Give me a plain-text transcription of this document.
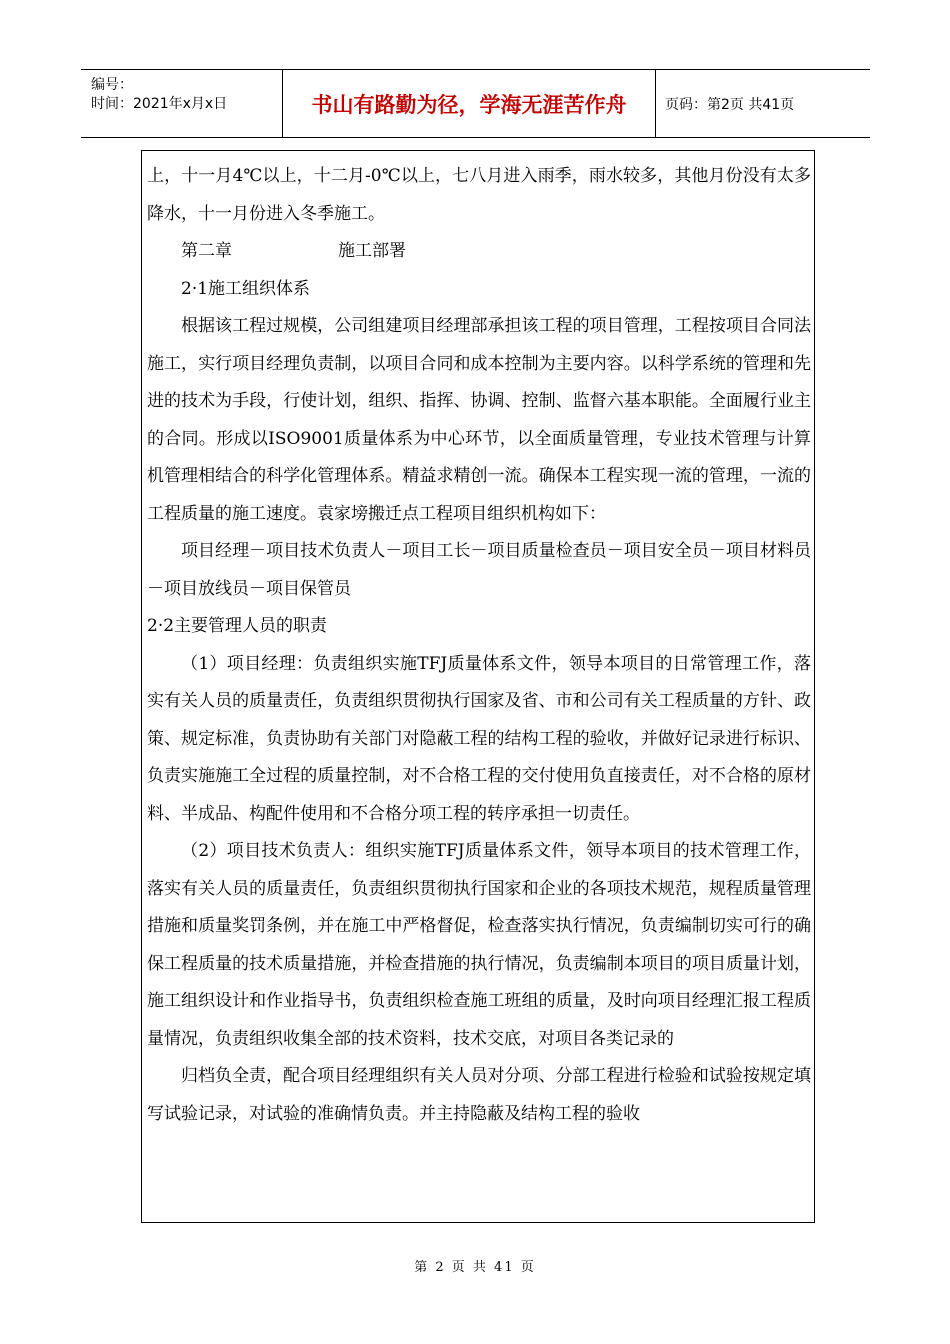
编号：
时间：2021年x月x日	书山有路勤为径，学海无涯苦作舟	页码：第2页 共41页

上，十一月4℃以上，十二月-0℃以上，七八月进入雨季，雨水较多，其他月份没有太多降水，十一月份进入冬季施工。

第二章	施工部署

2·1施工组织体系

根据该工程过规模，公司组建项目经理部承担该工程的项目管理，工程按项目合同法施工，实行项目经理负责制，以项目合同和成本控制为主要内容。以科学系统的管理和先进的技术为手段，行使计划，组织、指挥、协调、控制、监督六基本职能。全面履行业主的合同。形成以ISO9001质量体系为中心环节，以全面质量管理，专业技术管理与计算机管理相结合的科学化管理体系。精益求精创一流。确保本工程实现一流的管理，一流的工程质量的施工速度。袁家塝搬迁点工程项目组织机构如下：

项目经理－项目技术负责人－项目工长－项目质量检查员－项目安全员－项目材料员－项目放线员－项目保管员

2·2主要管理人员的职责

（1）项目经理：负责组织实施TFJ质量体系文件，领导本项目的日常管理工作，落实有关人员的质量责任，负责组织贯彻执行国家及省、市和公司有关工程质量的方针、政策、规定标准，负责协助有关部门对隐蔽工程的结构工程的验收，并做好记录进行标识、负责实施施工全过程的质量控制，对不合格工程的交付使用负直接责任，对不合格的原材料、半成品、构配件使用和不合格分项工程的转序承担一切责任。

（2）项目技术负责人：组织实施TFJ质量体系文件，领导本项目的技术管理工作，落实有关人员的质量责任，负责组织贯彻执行国家和企业的各项技术规范，规程质量管理措施和质量奖罚条例，并在施工中严格督促，检查落实执行情况，负责编制切实可行的确保工程质量的技术质量措施，并检查措施的执行情况，负责编制本项目的项目质量计划，施工组织设计和作业指导书，负责组织检查施工班组的质量，及时向项目经理汇报工程质量情况，负责组织收集全部的技术资料，技术交底，对项目各类记录的

归档负全责，配合项目经理组织有关人员对分项、分部工程进行检验和试验按规定填写试验记录，对试验的准确情负责。并主持隐蔽及结构工程的验收

第 2 页 共 41 页
